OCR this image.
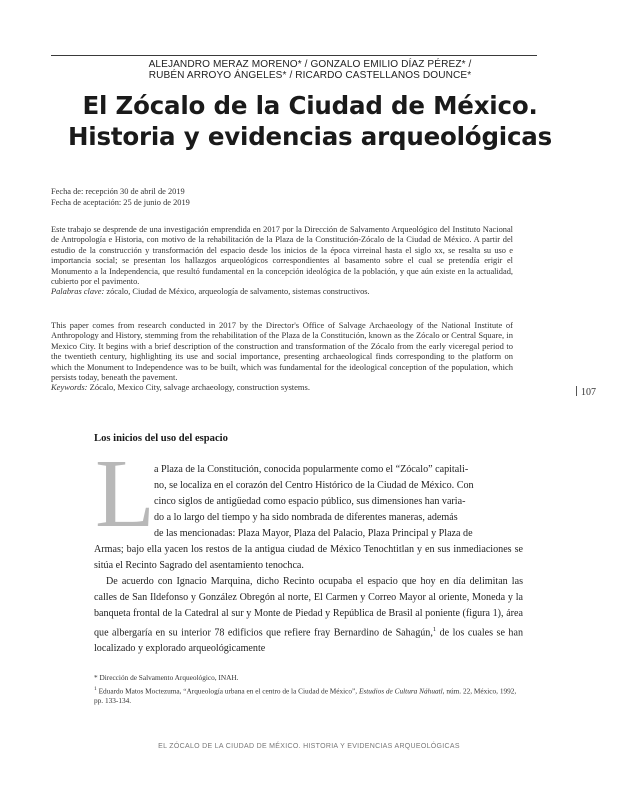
ALEJANDRO MERAZ MORENO* / GONZALO EMILIO DÍAZ PÉREZ* /
RUBÉN ARROYO ÁNGELES* / RICARDO CASTELLANOS DOUNCE*
El Zócalo de la Ciudad de México.
Historia y evidencias arqueológicas
Fecha de: recepción 30 de abril de 2019
Fecha de aceptación: 25 de junio de 2019
Este trabajo se desprende de una investigación emprendida en 2017 por la Dirección de Salvamento Arqueológico del Instituto Nacional de Antropología e Historia, con motivo de la rehabilitación de la Plaza de la Constitución-Zócalo de la Ciudad de México. A partir del estudio de la construcción y transformación del espacio desde los inicios de la época virreinal hasta el siglo xx, se resalta su uso e importancia social; se presentan los hallazgos arqueológicos correspondientes al basamento sobre el cual se pretendía erigir el Monumento a la Independencia, que resultó fundamental en la concepción ideológica de la población, y que aún existe en la actualidad, cubierto por el pavimento.
Palabras clave: zócalo, Ciudad de México, arqueología de salvamento, sistemas constructivos.
This paper comes from research conducted in 2017 by the Director's Office of Salvage Archaeology of the National Institute of Anthropology and History, stemming from the rehabilitation of the Plaza de la Constitución, known as the Zócalo or Central Square, in Mexico City. It begins with a brief description of the construction and transformation of the Zócalo from the early viceregal period to the twentieth century, highlighting its use and social importance, presenting archaeological finds corresponding to the platform on which the Monument to Independence was to be built, which was fundamental for the ideological conception of the population, which persists today, beneath the pavement.
Keywords: Zócalo, Mexico City, salvage archaeology, construction systems.	107
Los inicios del uso del espacio
L a Plaza de la Constitución, conocida popularmente como el “Zócalo” capitali-
no, se localiza en el corazón del Centro Histórico de la Ciudad de México. Con
cinco siglos de antigüedad como espacio público, sus dimensiones han varia-
do a lo largo del tiempo y ha sido nombrada de diferentes maneras, además
de las mencionadas: Plaza Mayor, Plaza del Palacio, Plaza Principal y Plaza de
Armas; bajo ella yacen los restos de la antigua ciudad de México Tenochtitlan y en sus inmediaciones se sitúa el Recinto Sagrado del asentamiento tenochca.
De acuerdo con Ignacio Marquina, dicho Recinto ocupaba el espacio que hoy en día delimitan las calles de San Ildefonso y González Obregón al norte, El Carmen y Correo Mayor al oriente, Moneda y la banqueta frontal de la Catedral al sur y Monte de Piedad y República de Brasil al poniente (figura 1), área que albergaría en su interior 78 edificios que refiere fray Bernardino de Sahagún,$^1$ de los cuales se han localizado y explorado arqueológicamente
* Dirección de Salvamento Arqueológico, INAH.
$^1$ Eduardo Matos Moctezuma, “Arqueología urbana en el centro de la Ciudad de México”, Estudios de Cultura Náhuatl, núm. 22, México, 1992, pp. 133-134.
EL ZÓCALO DE LA CIUDAD DE MÉXICO. HISTORIA Y EVIDENCIAS ARQUEOLÓGICAS
